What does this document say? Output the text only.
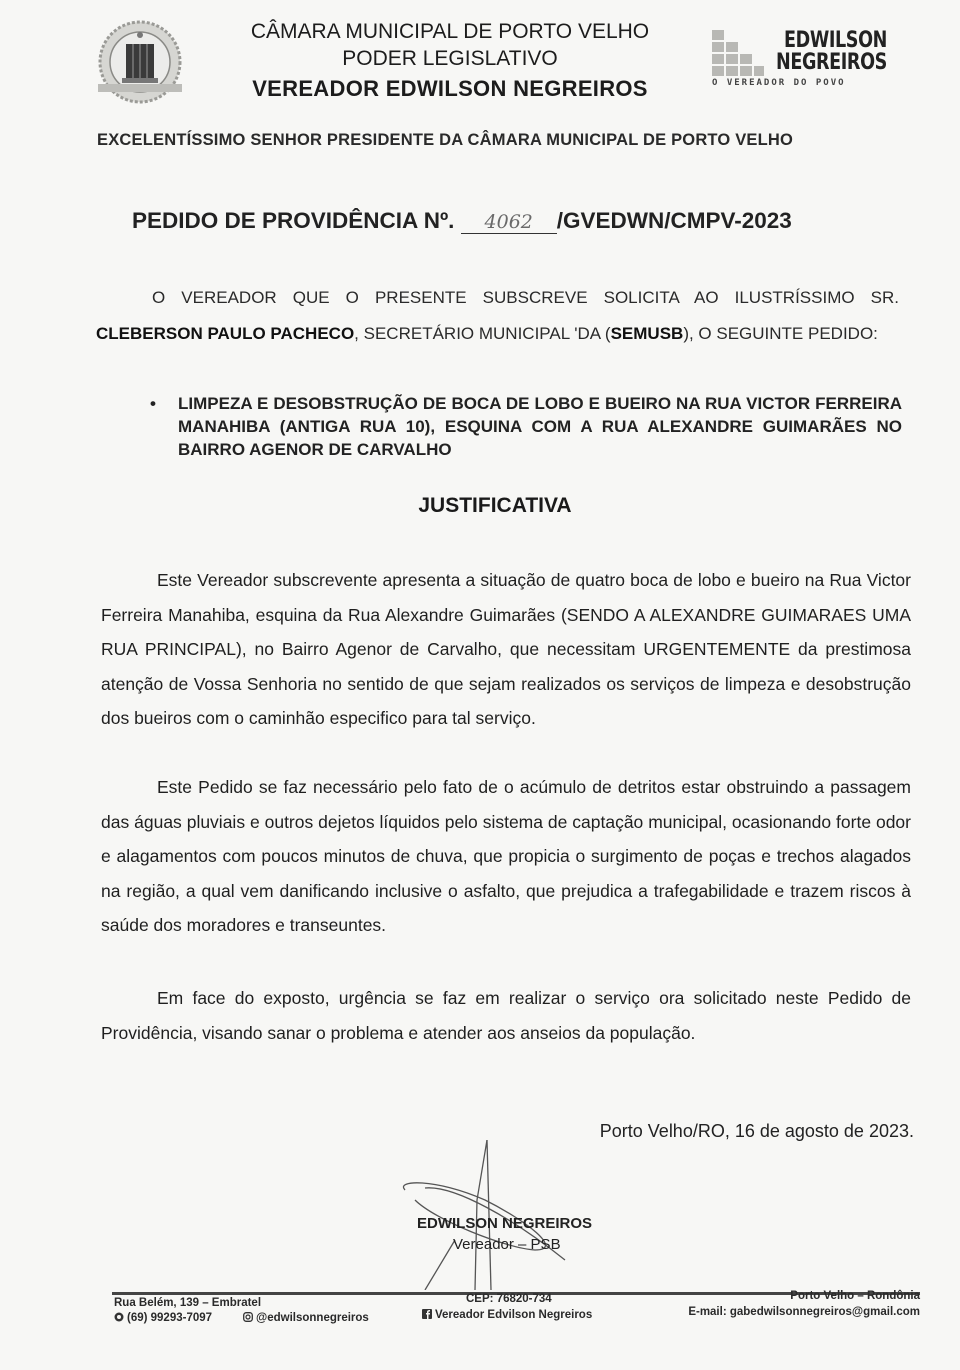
CÂMARA MUNICIPAL DE PORTO VELHO
PODER LEGISLATIVO
VEREADOR EDWILSON NEGREIROS
EDWILSON
NEGREIROS
O VEREADOR DO POVO
EXCELENTÍSSIMO SENHOR PRESIDENTE DA CÂMARA MUNICIPAL DE PORTO VELHO
PEDIDO DE PROVIDÊNCIA Nº. 4062 /GVEDWN/CMPV-2023
O VEREADOR QUE O PRESENTE SUBSCREVE SOLICITA AO ILUSTRÍSSIMO SR. CLEBERSON PAULO PACHECO, SECRETÁRIO MUNICIPAL 'DA (SEMUSB), O SEGUINTE PEDIDO:
• LIMPEZA E DESOBSTRUÇÃO DE BOCA DE LOBO E BUEIRO NA RUA VICTOR FERREIRA MANAHIBA (ANTIGA RUA 10), ESQUINA COM A RUA ALEXANDRE GUIMARÃES NO BAIRRO AGENOR DE CARVALHO
JUSTIFICATIVA
Este Vereador subscrevente apresenta a situação de quatro boca de lobo e bueiro na Rua Victor Ferreira Manahiba, esquina da Rua Alexandre Guimarães (SENDO A ALEXANDRE GUIMARAES UMA RUA PRINCIPAL), no Bairro Agenor de Carvalho, que necessitam URGENTEMENTE da prestimosa atenção de Vossa Senhoria no sentido de que sejam realizados os serviços de limpeza e desobstrução dos bueiros com o caminhão especifico para tal serviço.
Este Pedido se faz necessário pelo fato de o acúmulo de detritos estar obstruindo a passagem das águas pluviais e outros dejetos líquidos pelo sistema de captação municipal, ocasionando forte odor e alagamentos com poucos minutos de chuva, que propicia o surgimento de poças e trechos alagados na região, a qual vem danificando inclusive o asfalto, que prejudica a trafegabilidade e trazem riscos à saúde dos moradores e transeuntes.
Em face do exposto, urgência se faz em realizar o serviço ora solicitado neste Pedido de Providência, visando sanar o problema e atender aos anseios da população.
Porto Velho/RO, 16 de agosto de 2023.
EDWILSON NEGREIROS
Vereador – PSB
Rua Belém, 139 – Embratel
(69) 99293-7097	@edwilsonnegreiros
CEP: 76820-734
Vereador Edvilson Negreiros
Porto Velho – Rondônia
E-mail: gabedwilsonnegreiros@gmail.com
